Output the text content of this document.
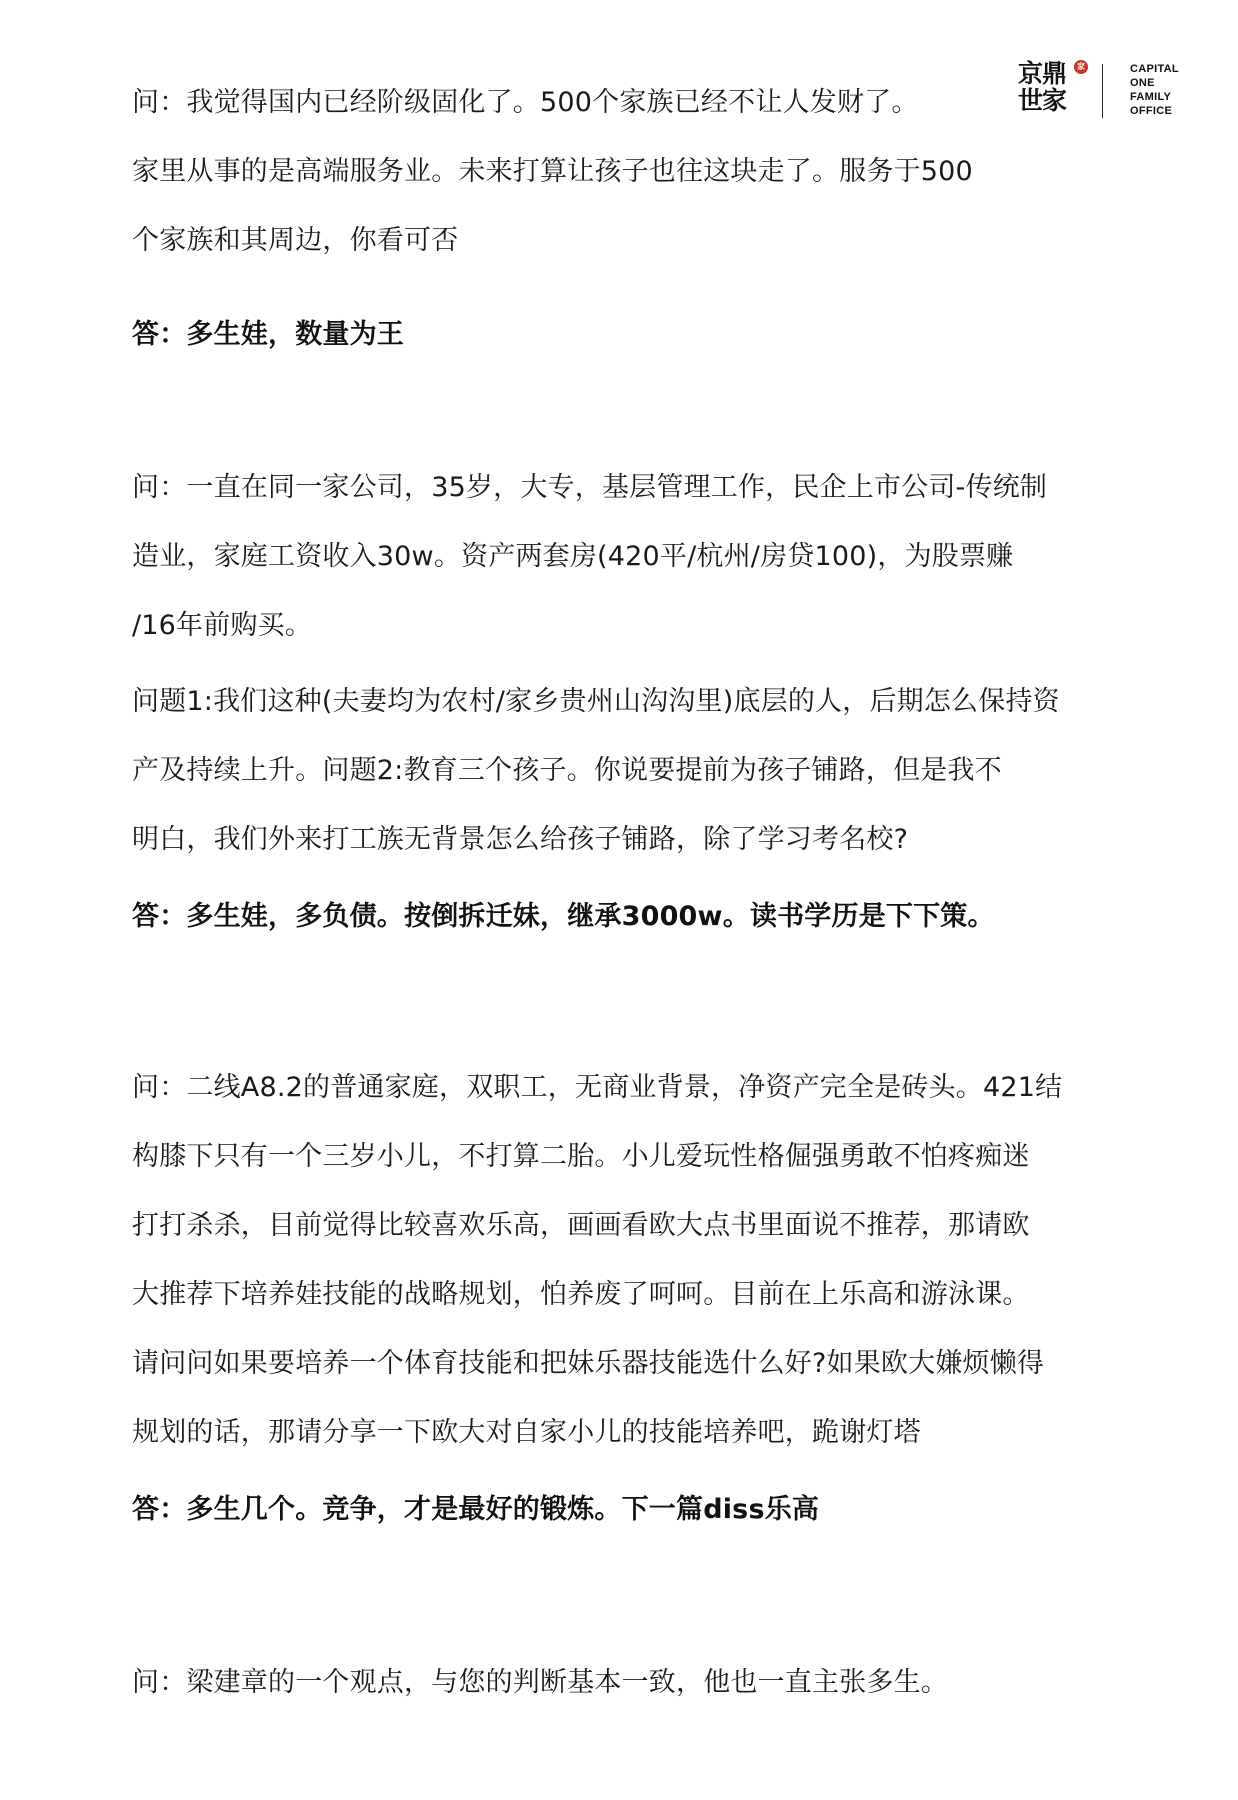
京鼎
世家
家	CAPITAL
ONE
FAMILY
OFFICE
问：我觉得国内已经阶级固化了。500个家族已经不让人发财了。
家里从事的是高端服务业。未来打算让孩子也往这块走了。服务于500
个家族和其周边，你看可否
答：多生娃，数量为王
问：一直在同一家公司，35岁，大专，基层管理工作，民企上市公司-传统制
造业，家庭工资收入30w。资产两套房(420平/杭州/房贷100)，为股票赚
/16年前购买。
问题1:我们这种(夫妻均为农村/家乡贵州山沟沟里)底层的人，后期怎么保持资
产及持续上升。问题2:教育三个孩子。你说要提前为孩子铺路，但是我不
明白，我们外来打工族无背景怎么给孩子铺路，除了学习考名校?
答：多生娃，多负债。按倒拆迁妹，继承3000w。读书学历是下下策。
问：二线A8.2的普通家庭，双职工，无商业背景，净资产完全是砖头。421结
构膝下只有一个三岁小儿，不打算二胎。小儿爱玩性格倔强勇敢不怕疼痴迷
打打杀杀，目前觉得比较喜欢乐高，画画看欧大点书里面说不推荐，那请欧
大推荐下培养娃技能的战略规划，怕养废了呵呵。目前在上乐高和游泳课。
请问问如果要培养一个体育技能和把妹乐器技能选什么好?如果欧大嫌烦懒得
规划的话，那请分享一下欧大对自家小儿的技能培养吧，跪谢灯塔
答：多生几个。竞争，才是最好的锻炼。下一篇diss乐高
问：梁建章的一个观点，与您的判断基本一致，他也一直主张多生。
